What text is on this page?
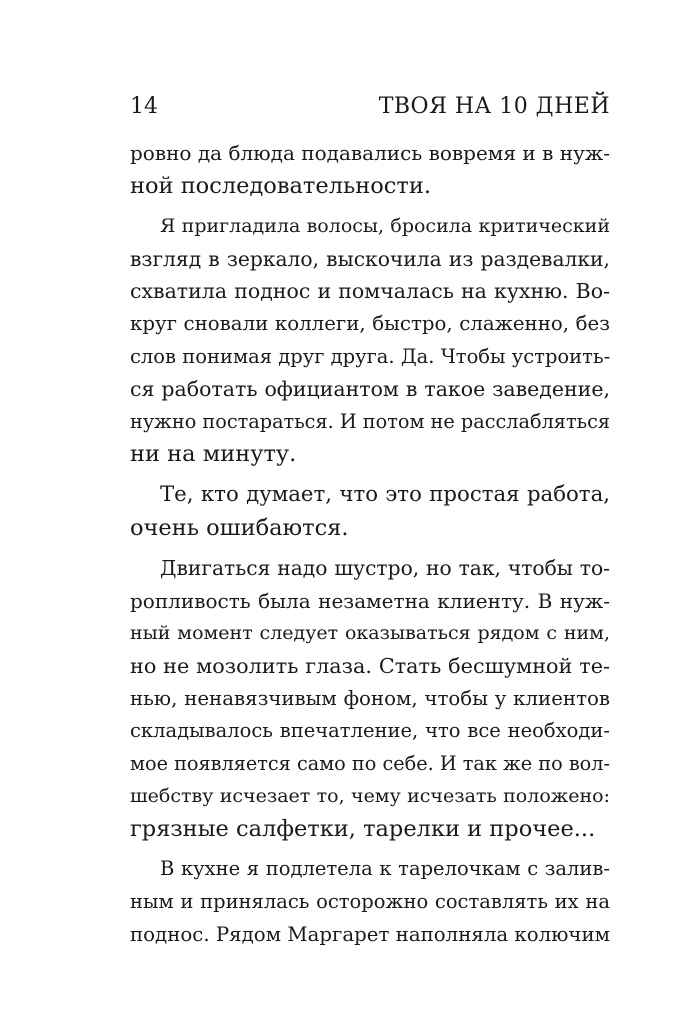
14	ТВОЯ НА 10 ДНЕЙ
ровно да блюда подавались вовремя и в нуж-
ной последовательности.
Я пригладила волосы, бросила критический
взгляд в зеркало, выскочила из раздевалки,
схватила поднос и помчалась на кухню. Во-
круг сновали коллеги, быстро, слаженно, без
слов понимая друг друга. Да. Чтобы устроить-
ся работать официантом в такое заведение,
нужно постараться. И потом не расслабляться
ни на минуту.
Те, кто думает, что это простая работа,
очень ошибаются.
Двигаться надо шустро, но так, чтобы то-
ропливость была незаметна клиенту. В нуж-
ный момент следует оказываться рядом с ним,
но не мозолить глаза. Стать бесшумной те-
нью, ненавязчивым фоном, чтобы у клиентов
складывалось впечатление, что все необходи-
мое появляется само по себе. И так же по вол-
шебству исчезает то, чему исчезать положено:
грязные салфетки, тарелки и прочее...
В кухне я подлетела к тарелочкам с залив-
ным и принялась осторожно составлять их на
поднос. Рядом Маргарет наполняла колючим
